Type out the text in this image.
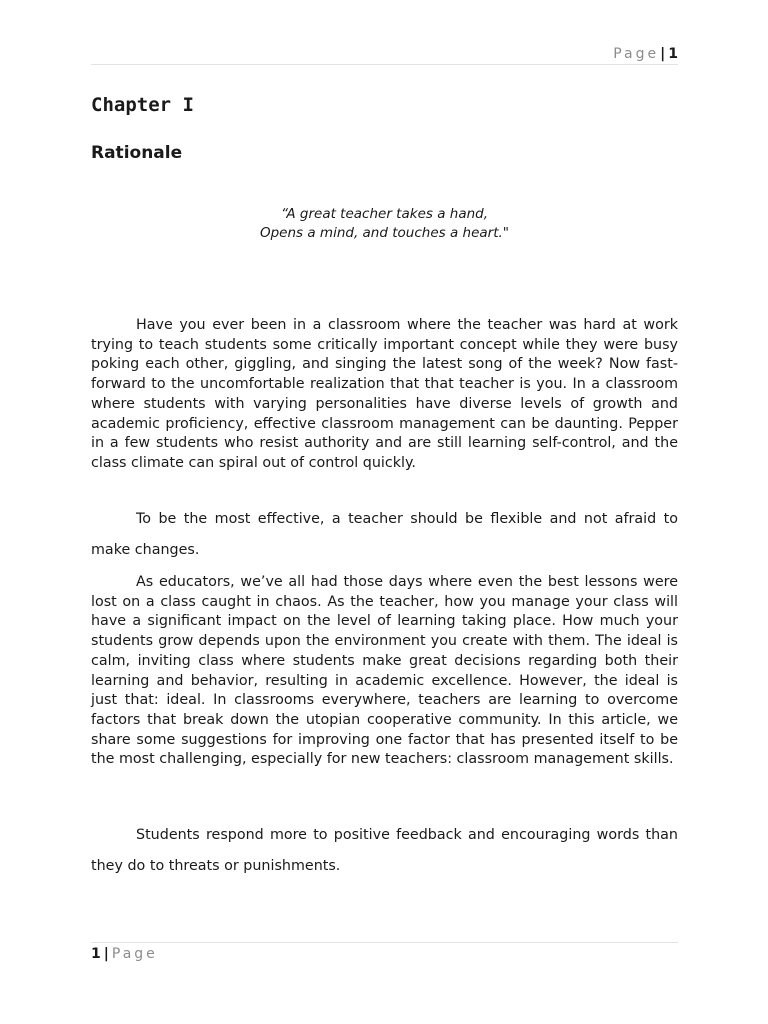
Page| 1
Chapter I
Rationale
“A great teacher takes a hand,
Opens a mind, and touches a heart."

Have you ever been in a classroom where the teacher was hard at work trying to teach students some critically important concept while they were busy poking each other, giggling, and singing the latest song of the week? Now fast-forward to the uncomfortable realization that that teacher is you. In a classroom where students with varying personalities have diverse levels of growth and academic proficiency, effective classroom management can be daunting. Pepper in a few students who resist authority and are still learning self-control, and the class climate can spiral out of control quickly.

To be the most effective, a teacher should be flexible and not afraid to make changes.

As educators, we’ve all had those days where even the best lessons were lost on a class caught in chaos. As the teacher, how you manage your class will have a significant impact on the level of learning taking place. How much your students grow depends upon the environment you create with them. The ideal is calm, inviting class where students make great decisions regarding both their learning and behavior, resulting in academic excellence. However, the ideal is just that: ideal. In classrooms everywhere, teachers are learning to overcome factors that break down the utopian cooperative community. In this article, we share some suggestions for improving one factor that has presented itself to be the most challenging, especially for new teachers: classroom management skills.

Students respond more to positive feedback and encouraging words than they do to threats or punishments.

1 | Page
